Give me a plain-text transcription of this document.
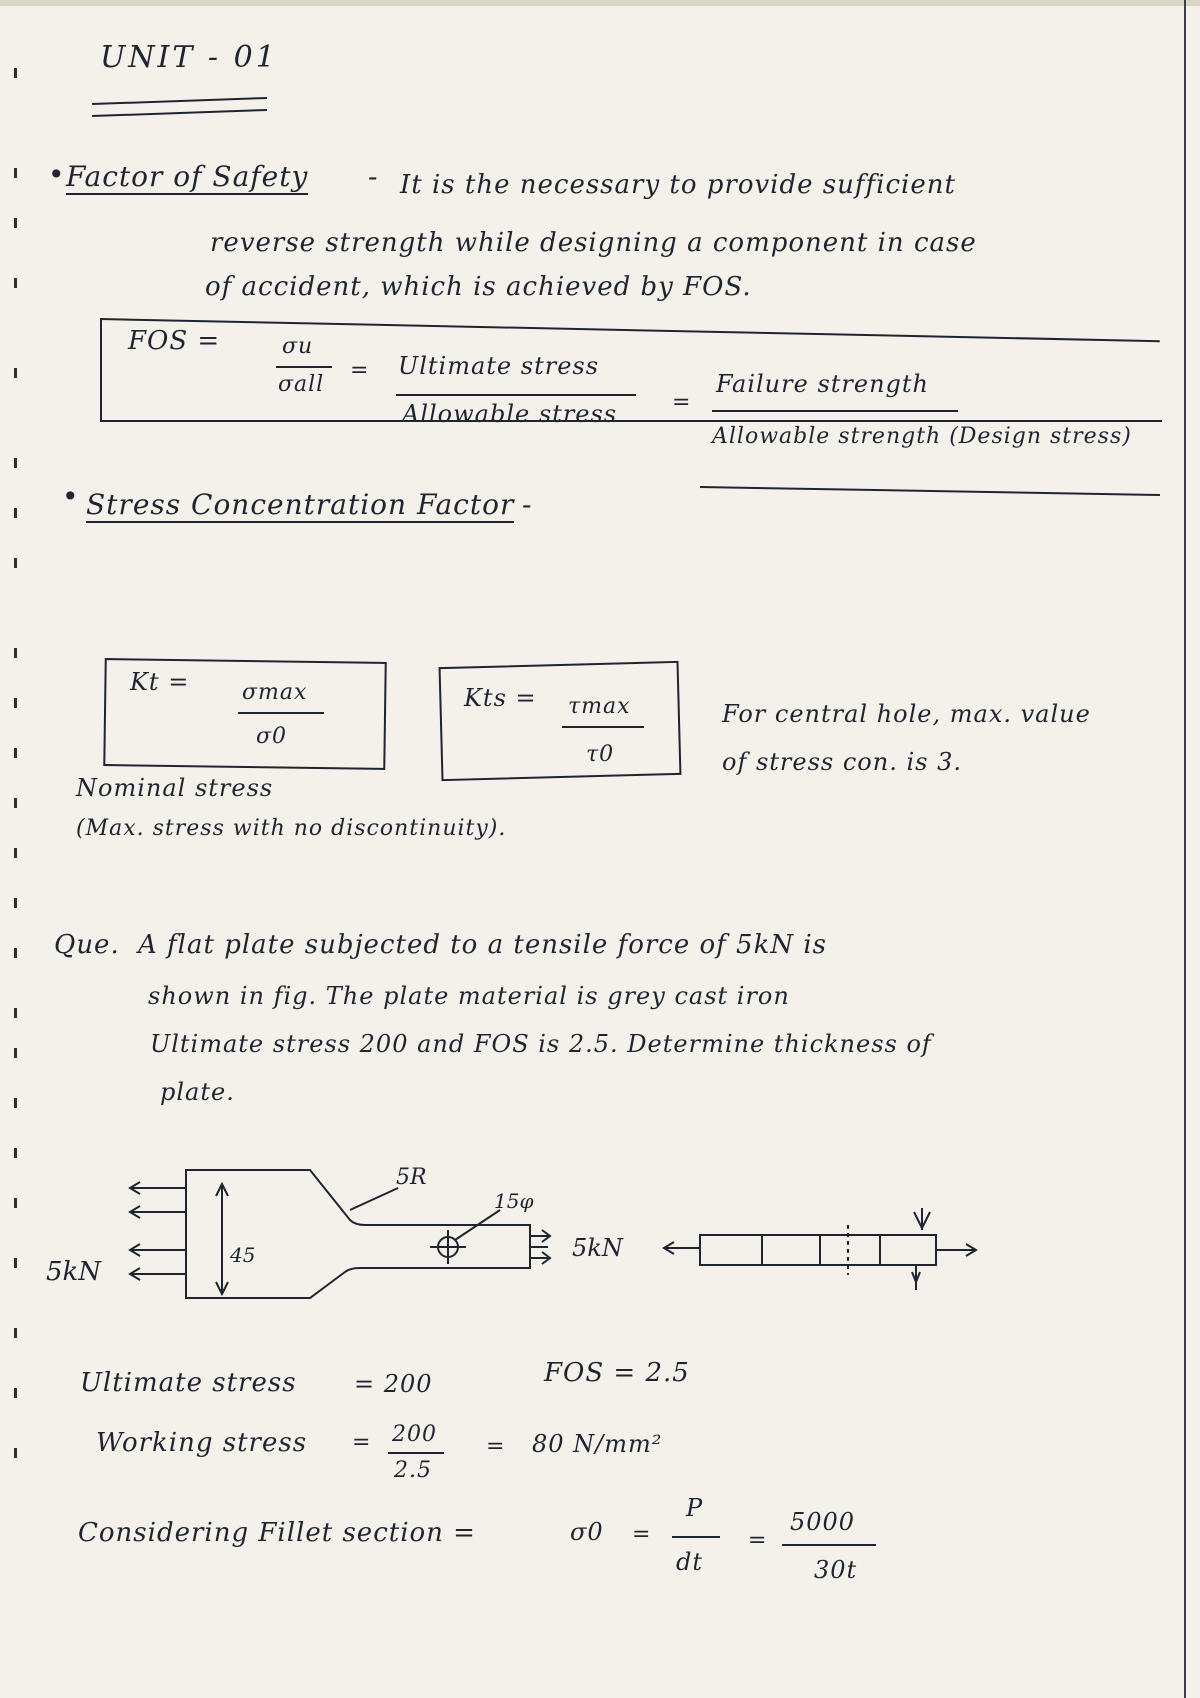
UNIT - 01
• Factor of Safety - It is the necessary to provide sufficient
reverse strength while designing a component in case
of accident, which is achieved by FOS.
FOS =	σu
σall
= Ultimate stress
Allowable stress =
Failure strength
Allowable strength (Design stress)
• Stress Concentration Factor -
Kt = σmax
σ0
Kts = τmax
τ0
For central hole, max. value
of stress con. is 3.
Nominal stress
(Max. stress with no discontinuity).
Que. A flat plate subjected to a tensile force of 5kN is
shown in fig. The plate material is grey cast iron
Ultimate stress 200 and FOS is 2.5. Determine thickness of
plate.
5kN
45
5R
15φ
5kN
Ultimate stress = 200	FOS = 2.5
Working stress = 200
2.5
= 80 N/mm²
Considering Fillet section =	σ0 =
P
dt
=
5000
30t
